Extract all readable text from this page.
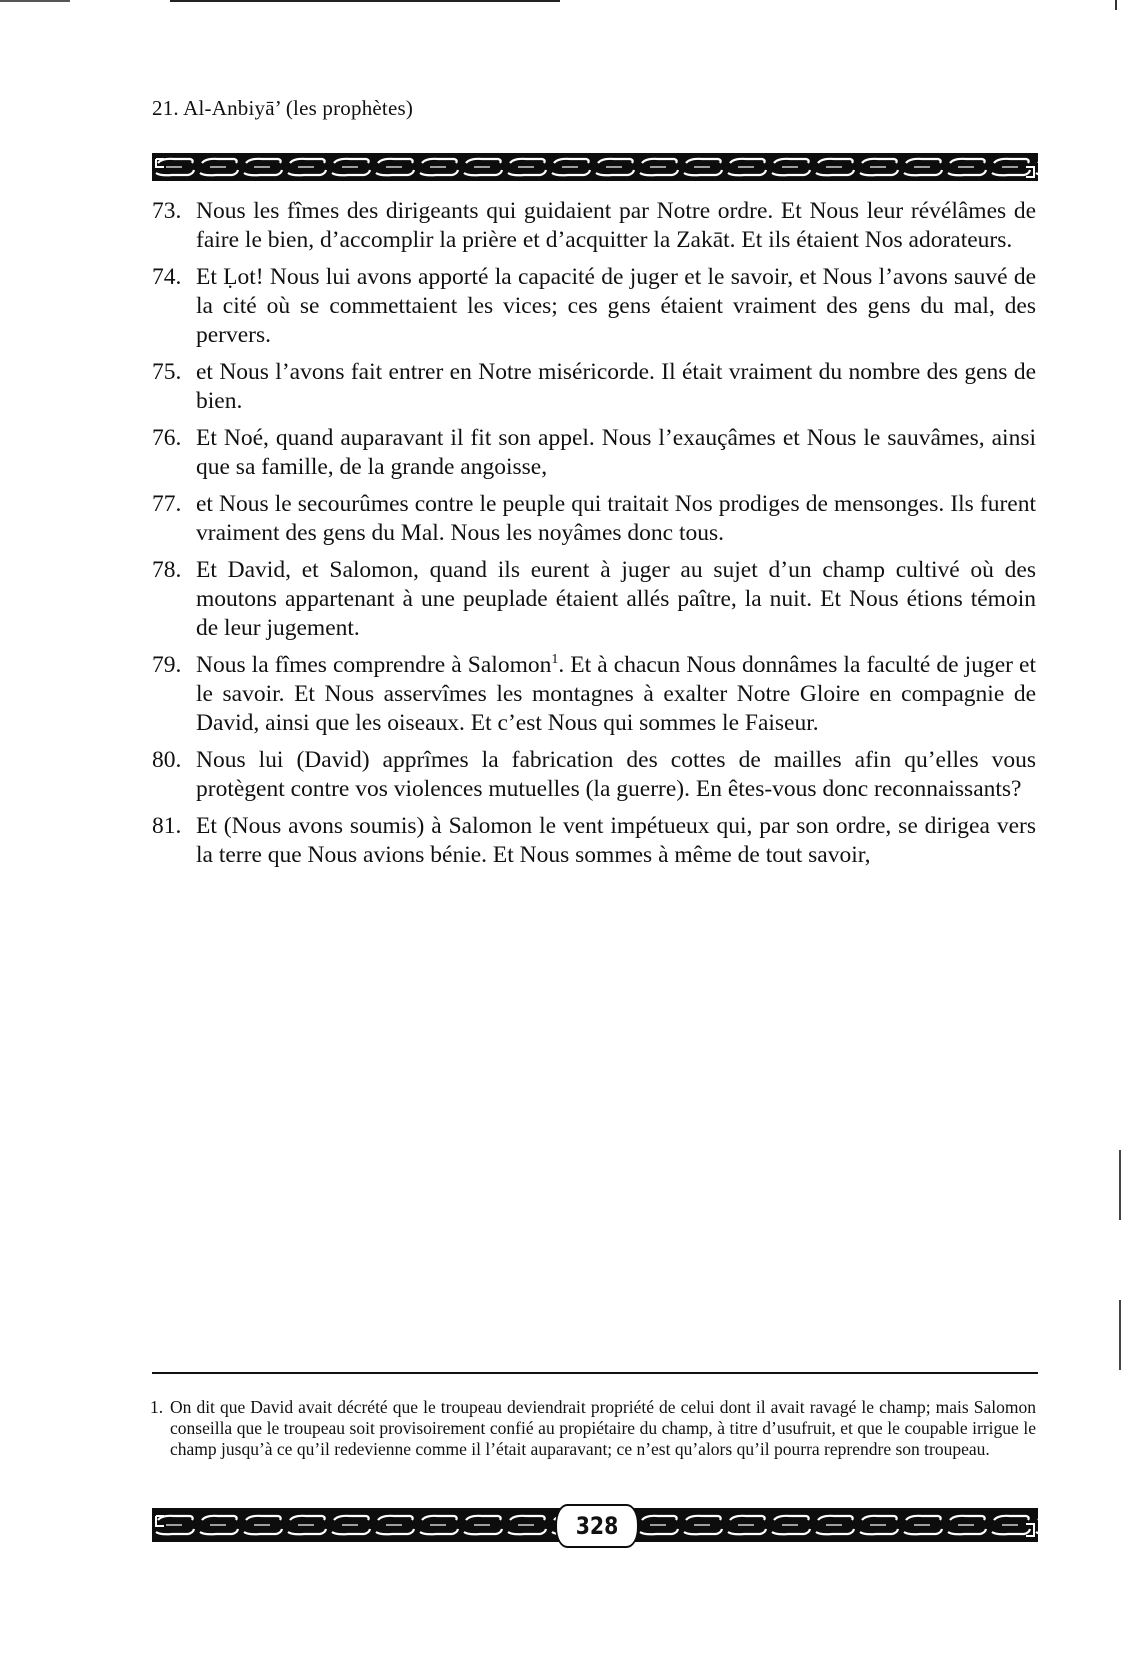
21. Al-Anbiyā’ (les prophètes)
73. Nous les fîmes des dirigeants qui guidaient par Notre ordre. Et Nous leur révélâmes de faire le bien, d’accomplir la prière et d’acquitter la Zakāt. Et ils étaient Nos adorateurs.
74. Et Ḷot! Nous lui avons apporté la capacité de juger et le savoir, et Nous l’avons sauvé de la cité où se commettaient les vices; ces gens étaient vraiment des gens du mal, des pervers.
75. et Nous l’avons fait entrer en Notre miséricorde. Il était vraiment du nombre des gens de bien.
76. Et Noé, quand auparavant il fit son appel. Nous l’exauçâmes et Nous le sauvâmes, ainsi que sa famille, de la grande angoisse,
77. et Nous le secourûmes contre le peuple qui traitait Nos prodiges de mensonges. Ils furent vraiment des gens du Mal. Nous les noyâmes donc tous.
78. Et David, et Salomon, quand ils eurent à juger au sujet d’un champ cultivé où des moutons appartenant à une peuplade étaient allés paître, la nuit. Et Nous étions témoin de leur jugement.
79. Nous la fîmes comprendre à Salomon$^1$. Et à chacun Nous donnâmes la faculté de juger et le savoir. Et Nous asservîmes les montagnes à exalter Notre Gloire en compagnie de David, ainsi que les oiseaux. Et c’est Nous qui sommes le Faiseur.
80. Nous lui (David) apprîmes la fabrication des cottes de mailles afin qu’elles vous protègent contre vos violences mutuelles (la guerre). En êtes-vous donc reconnaissants?
81. Et (Nous avons soumis) à Salomon le vent impétueux qui, par son ordre, se dirigea vers la terre que Nous avions bénie. Et Nous sommes à même de tout savoir,
1. On dit que David avait décrété que le troupeau deviendrait propriété de celui dont il avait ravagé le champ; mais Salomon conseilla que le troupeau soit provisoirement confié au propiétaire du champ, à titre d’usufruit, et que le coupable irrigue le champ jusqu’à ce qu’il redevienne comme il l’était auparavant; ce n’est qu’alors qu’il pourra reprendre son troupeau.
328
